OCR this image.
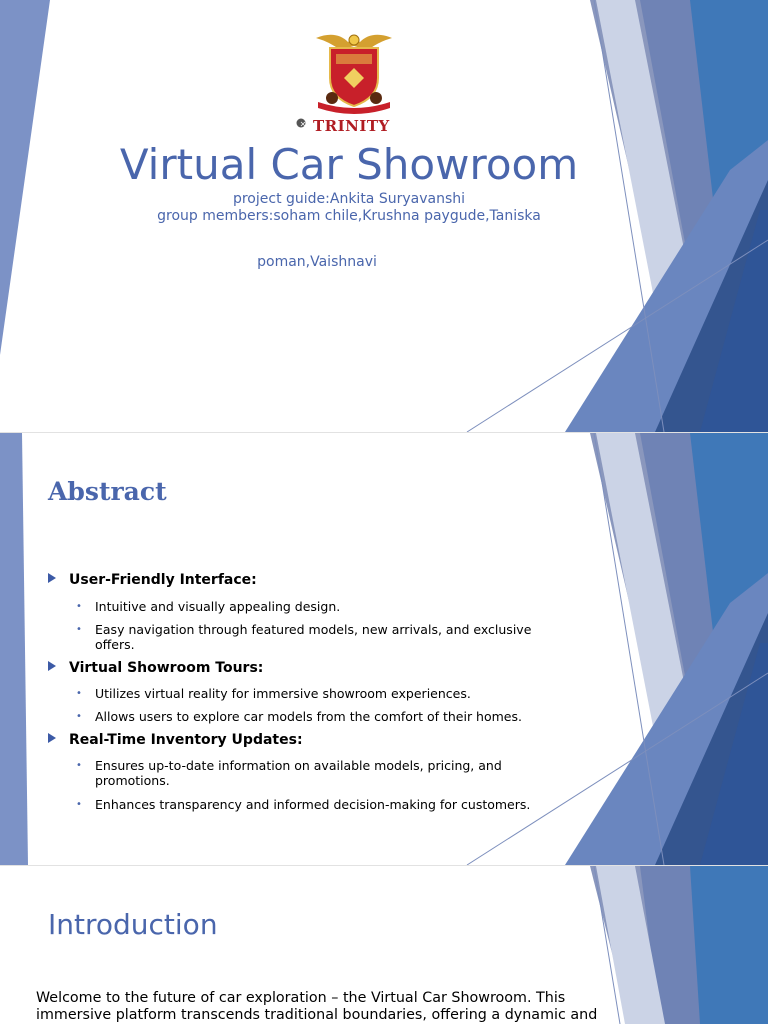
× TRINITY
Virtual Car Showroom
project guide:Ankita Suryavanshi
group members:soham chile,Krushna paygude,Taniska
poman,Vaishnavi
Abstract
User-Friendly Interface:
•	Intuitive and visually appealing design.
•	Easy navigation through featured models, new arrivals, and exclusive offers.
Virtual Showroom Tours:
•	Utilizes virtual reality for immersive showroom experiences.
•	Allows users to explore car models from the comfort of their homes.
Real-Time Inventory Updates:
•	Ensures up-to-date information on available models, pricing, and promotions.
•	Enhances transparency and informed decision-making for customers.
Introduction

Welcome to the future of car exploration – the Virtual Car Showroom. This immersive platform transcends traditional boundaries, offering a dynamic and
